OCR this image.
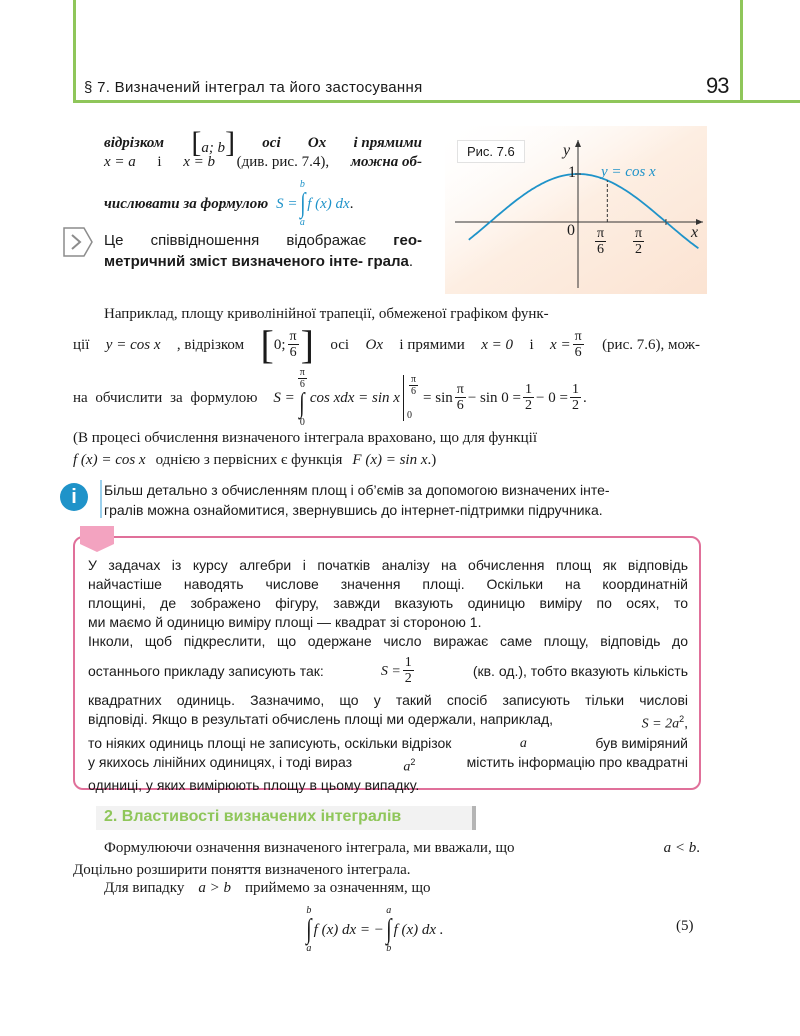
§ 7. Визначений інтеграл та його застосування	93
Рис. 7.6	y
x
y = cos x
0
1
$\frac{\pi}{6} \frac{\pi}{2}$
відрізком [a; b] осі Ox і прямими
x = a і x = b (див. рис. 7.4), можна об-
числювати за формулою S =
b
∫
a
f (x) dx .
Це співвідношення відображає гео- метричний зміст визначеного інте- грала.
Наприклад, площу криволінійної трапеції, обмеженої графіком функ-
ції y = cos x , відрізком [ 0; $\frac{\pi}{6}$ ] осі Ox і прямими x = 0 і $x = \frac{\pi}{6} (рис$. 7.6), мож-
на обчислити за формулою S =
$\frac{\pi}{6}$
∫
0
cos xdx = sin x
$\frac{\pi}{6}$
0
= $\sin \frac{\pi}{6} - \sin 0 = \frac{1}{2} - 0 = \frac{1}{2}$ .
(В процесі обчислення визначеного інтеграла враховано, що для функції
f (x) = cos x однією з первісних є функція F (x) = sin x .)
i	Більш детально з обчисленням площ і об’ємів за допомогою визначених інте-
гралів можна ознайомитися, звернувшись до інтернет-підтримки підручника.
У задачах із курсу алгебри і початків аналізу на обчислення площ як відповідь
найчастіше наводять числове значення площі. Оскільки на координатній
площині, де зображено фігуру, завжди вказують одиницю виміру по осях, то
ми маємо й одиницю виміру площі — квадрат зі стороною 1.
Інколи, щоб підкреслити, що одержане число виражає саме площу, відповідь до
останнього прикладу записують так:	$S = \frac{1}{2}$	(кв. од.), тобто вказують кількість
квадратних одиниць. Зазначимо, що у такий спосіб записують тільки числові
відповіді. Якщо в результаті обчислень площі ми одержали, наприклад,	$S = 2a^2$,
то ніяких одиниць площі не записують, оскільки відрізок	a	був виміряний
у якихось лінійних одиницях, і тоді вираз	$a^2$	містить інформацію про квадратні
одиниці, у яких вимірюють площу в цьому випадку.
2. Властивості визначених інтегралів
Формулюючи означення визначеного інтеграла, ми вважали, що	a < b.
Доцільно розширити поняття визначеного інтеграла.
Для випадку a > b приймемо за означенням, що
b
∫
a
f (x) dx = −
a
∫
b
f (x) dx .	(5)
